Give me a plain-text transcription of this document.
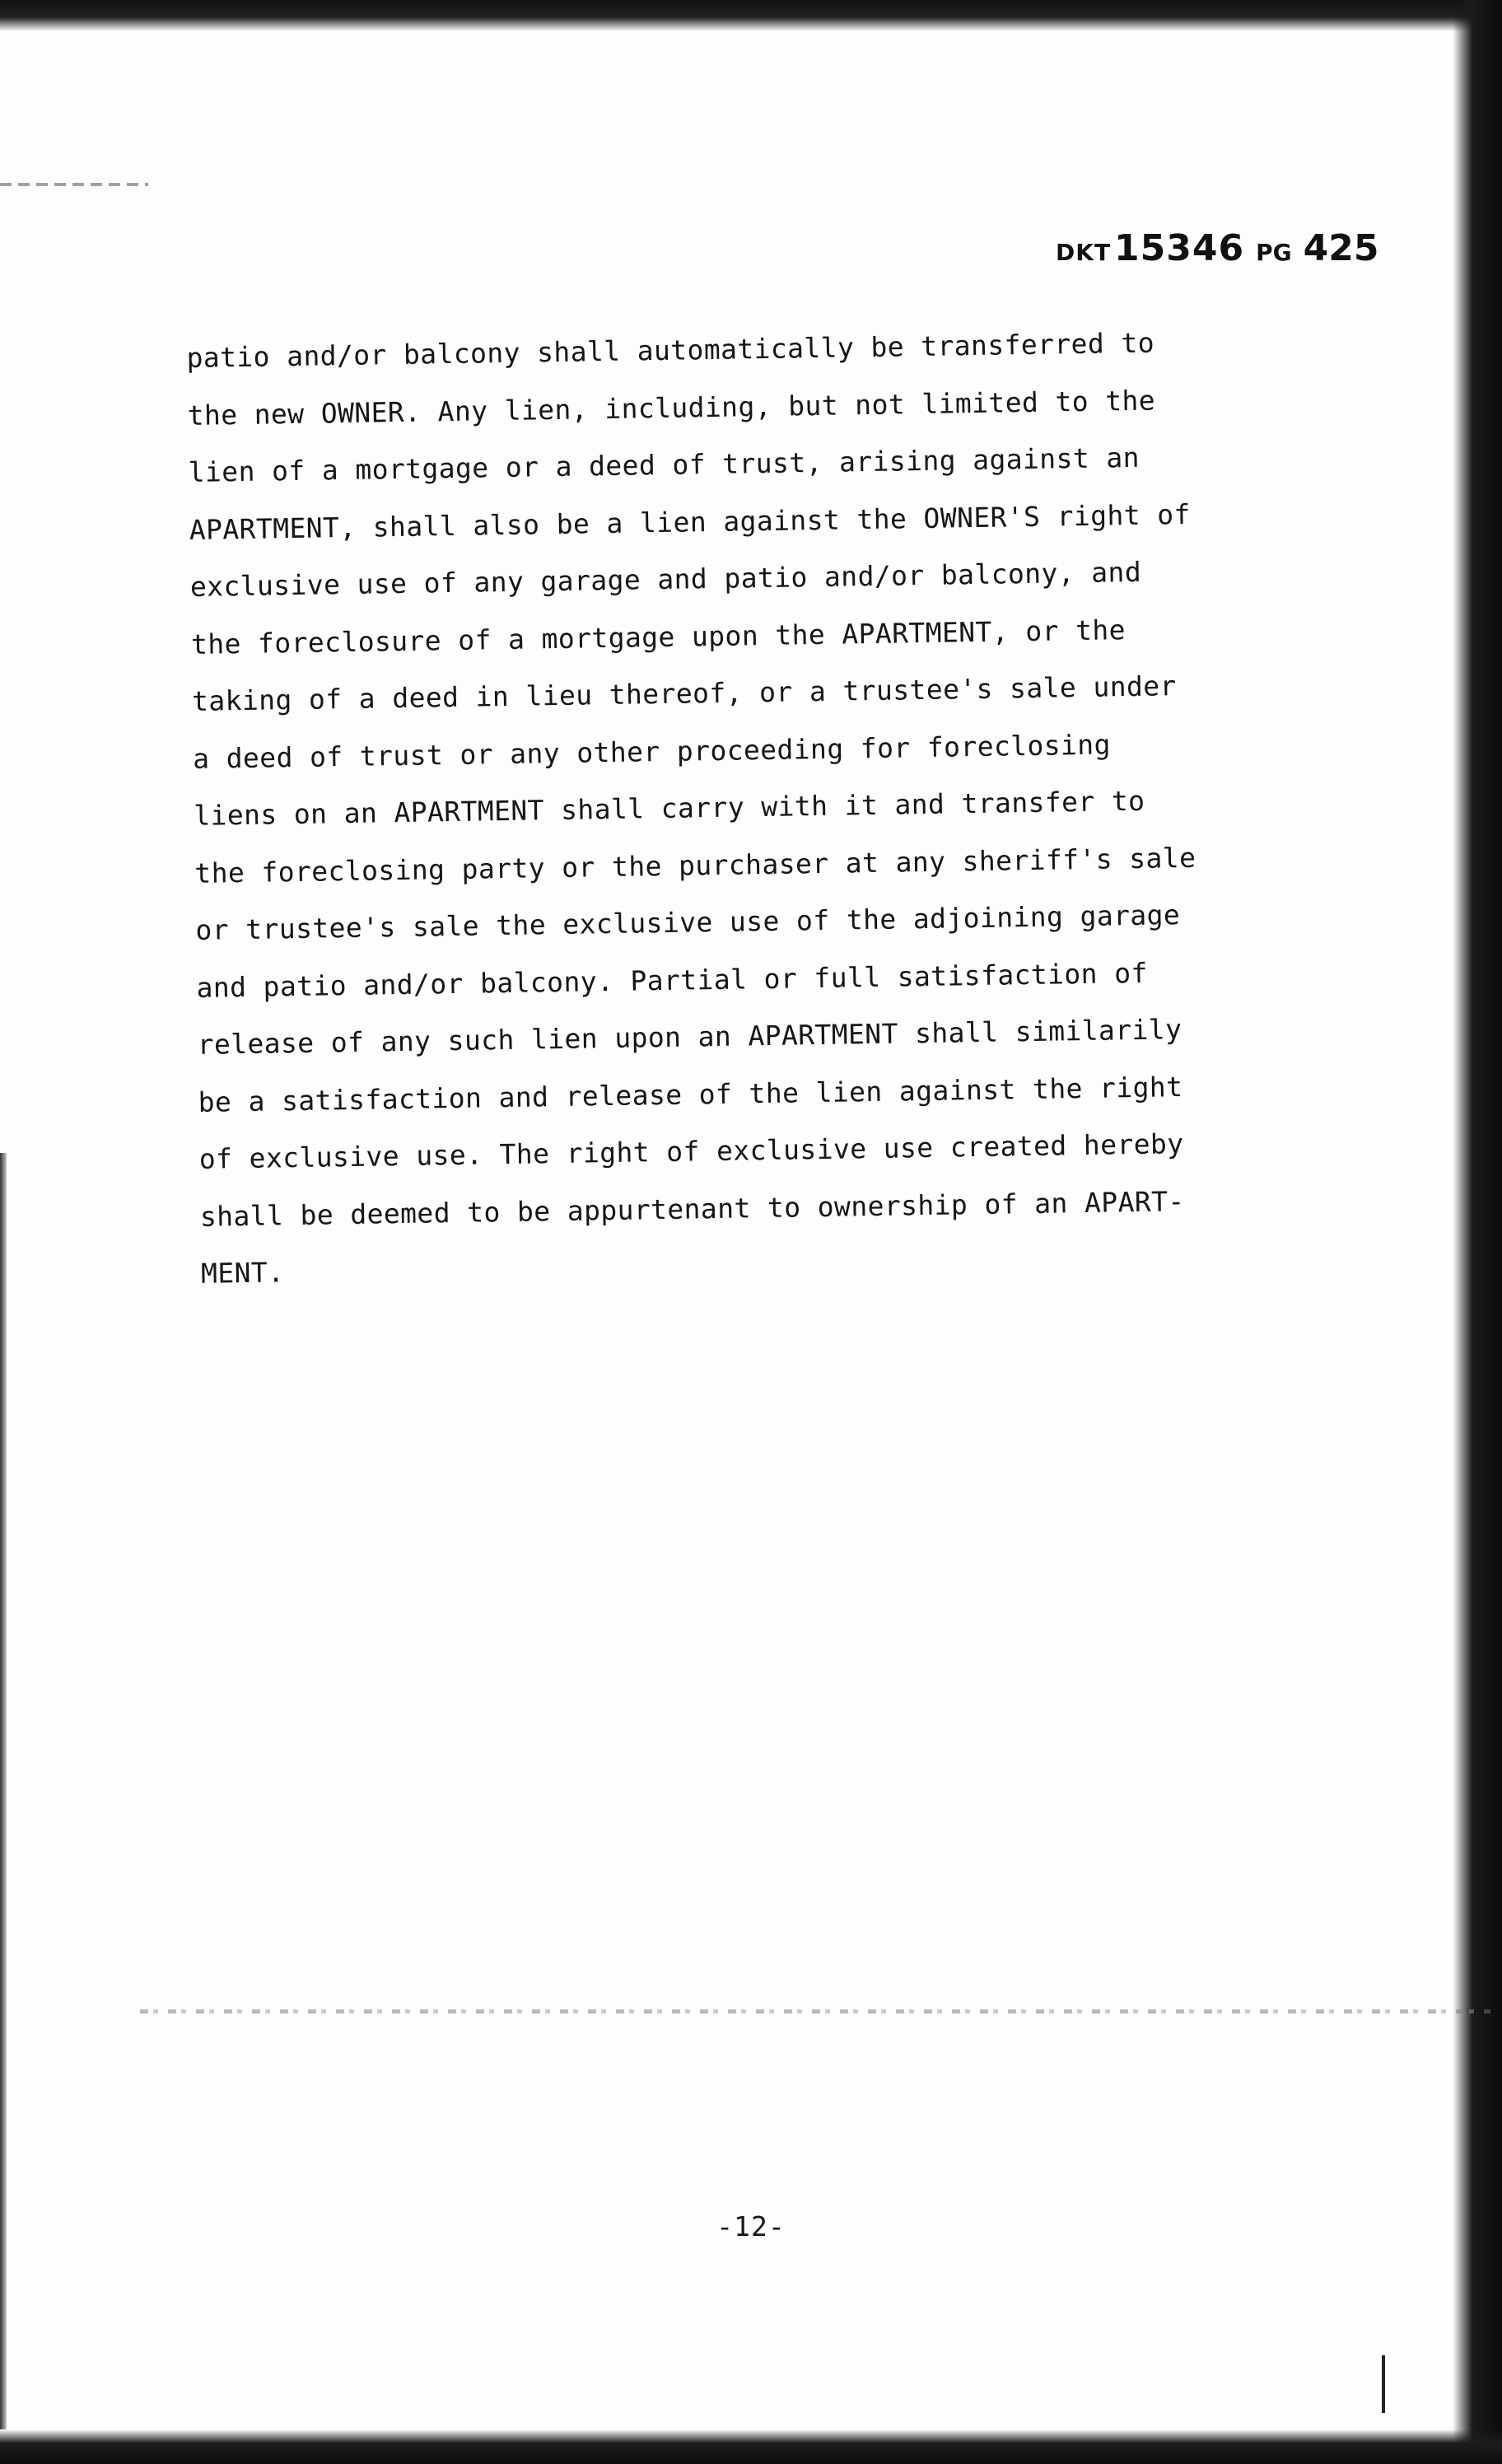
DKT15346 PG 425
patio and/or balcony shall automatically be transferred to
the new OWNER. Any lien, including, but not limited to the
lien of a mortgage or a deed of trust, arising against an
APARTMENT, shall also be a lien against the OWNER'S right of
exclusive use of any garage and patio and/or balcony, and
the foreclosure of a mortgage upon the APARTMENT, or the
taking of a deed in lieu thereof, or a trustee's sale under
a deed of trust or any other proceeding for foreclosing
liens on an APARTMENT shall carry with it and transfer to
the foreclosing party or the purchaser at any sheriff's sale
or trustee's sale the exclusive use of the adjoining garage
and patio and/or balcony. Partial or full satisfaction of
release of any such lien upon an APARTMENT shall similarily
be a satisfaction and release of the lien against the right
of exclusive use. The right of exclusive use created hereby
shall be deemed to be appurtenant to ownership of an APART-
MENT.
-12-
